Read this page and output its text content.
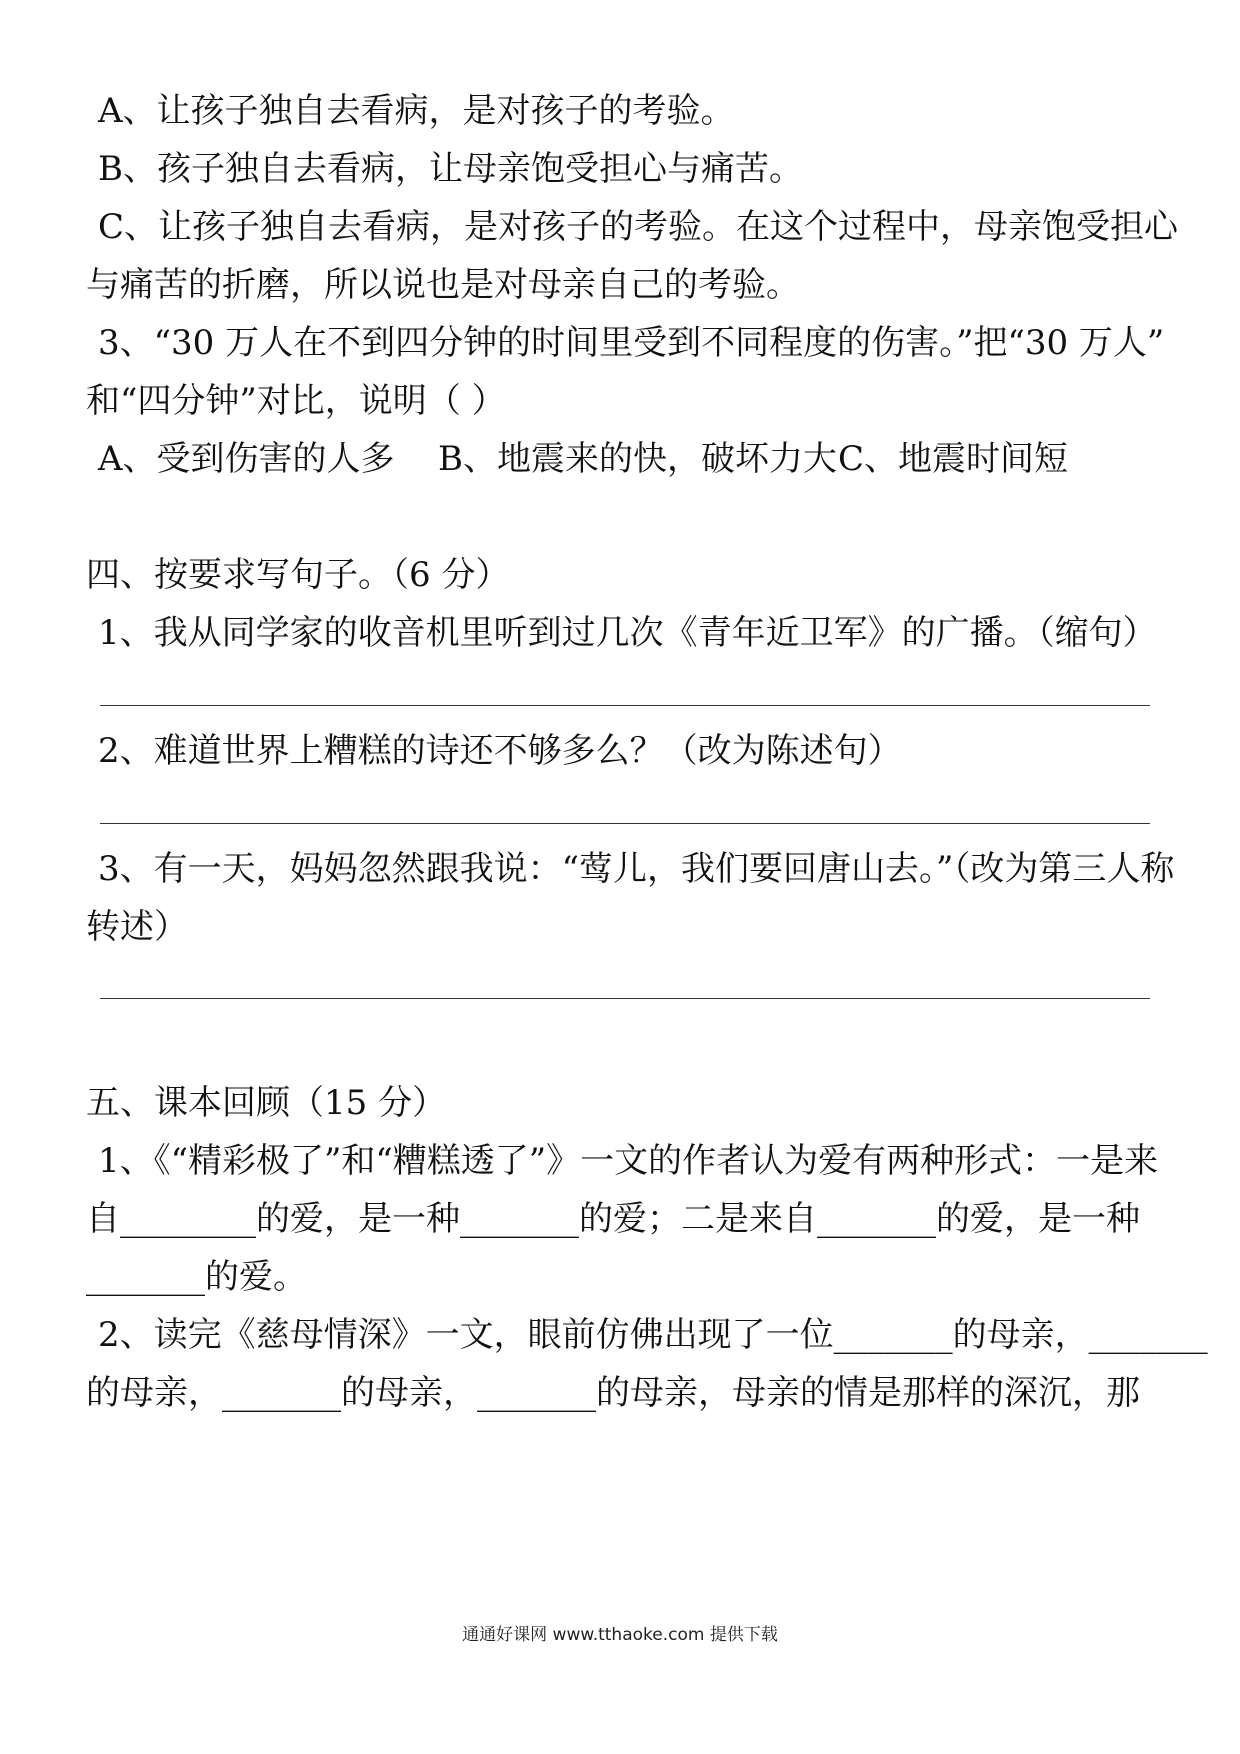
A、让孩子独自去看病，是对孩子的考验。
B、孩子独自去看病，让母亲饱受担心与痛苦。
C、让孩子独自去看病，是对孩子的考验。在这个过程中，母亲饱受担心
与痛苦的折磨，所以说也是对母亲自己的考验。
3、“30 万人在不到四分钟的时间里受到不同程度的伤害。”把“30 万人”
和“四分钟”对比，说明（ ）
A、受到伤害的人多 B、地震来的快，破坏力大C、地震时间短
四、按要求写句子。（6 分）
1、我从同学家的收音机里听到过几次《青年近卫军》的广播。（缩句）
2、难道世界上糟糕的诗还不够多么？（改为陈述句）
3、有一天，妈妈忽然跟我说：“莺儿，我们要回唐山去。”（改为第三人称
转述）
五、课本回顾（15 分）
1、《“精彩极了”和“糟糕透了”》一文的作者认为爱有两种形式：一是来
自________的爱，是一种_______的爱；二是来自_______的爱，是一种
_______的爱。
2、读完《慈母情深》一文，眼前仿佛出现了一位_______的母亲，_______
的母亲，_______的母亲，_______的母亲，母亲的情是那样的深沉，那
通通好课网 www.tthaoke.com 提供下载
